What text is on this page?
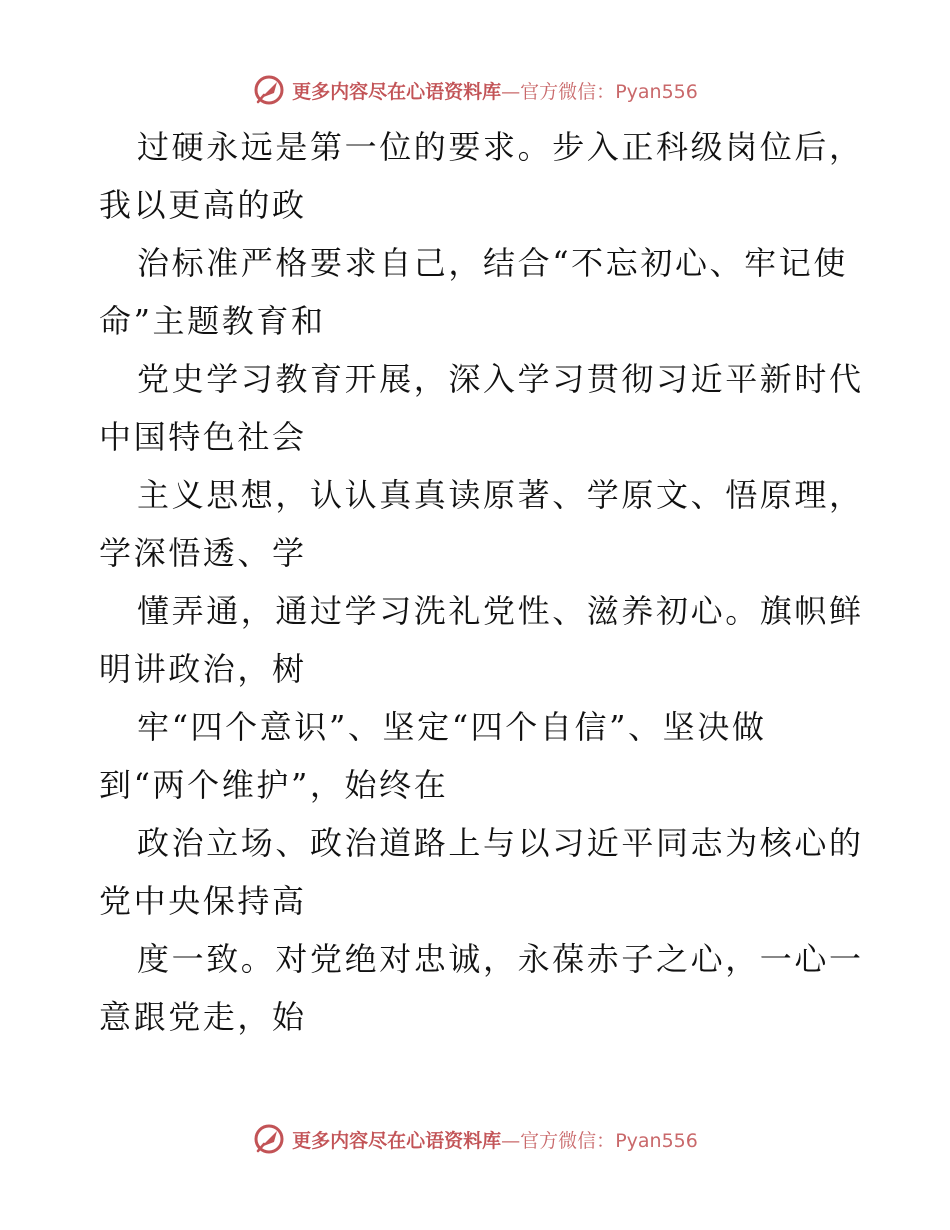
更多内容尽在心语资料库—官方微信：Pyan556
过硬永远是第一位的要求。步入正科级岗位后，
我以更高的政
治标准严格要求自己，结合“不忘初心、牢记使
命”主题教育和
党史学习教育开展，深入学习贯彻习近平新时代
中国特色社会
主义思想，认认真真读原著、学原文、悟原理，
学深悟透、学
懂弄通，通过学习洗礼党性、滋养初心。旗帜鲜
明讲政治，树
牢“四个意识”、坚定“四个自信”、坚决做
到“两个维护”，始终在
政治立场、政治道路上与以习近平同志为核心的
党中央保持高
度一致。对党绝对忠诚，永葆赤子之心，一心一
意跟党走，始
更多内容尽在心语资料库—官方微信：Pyan556
